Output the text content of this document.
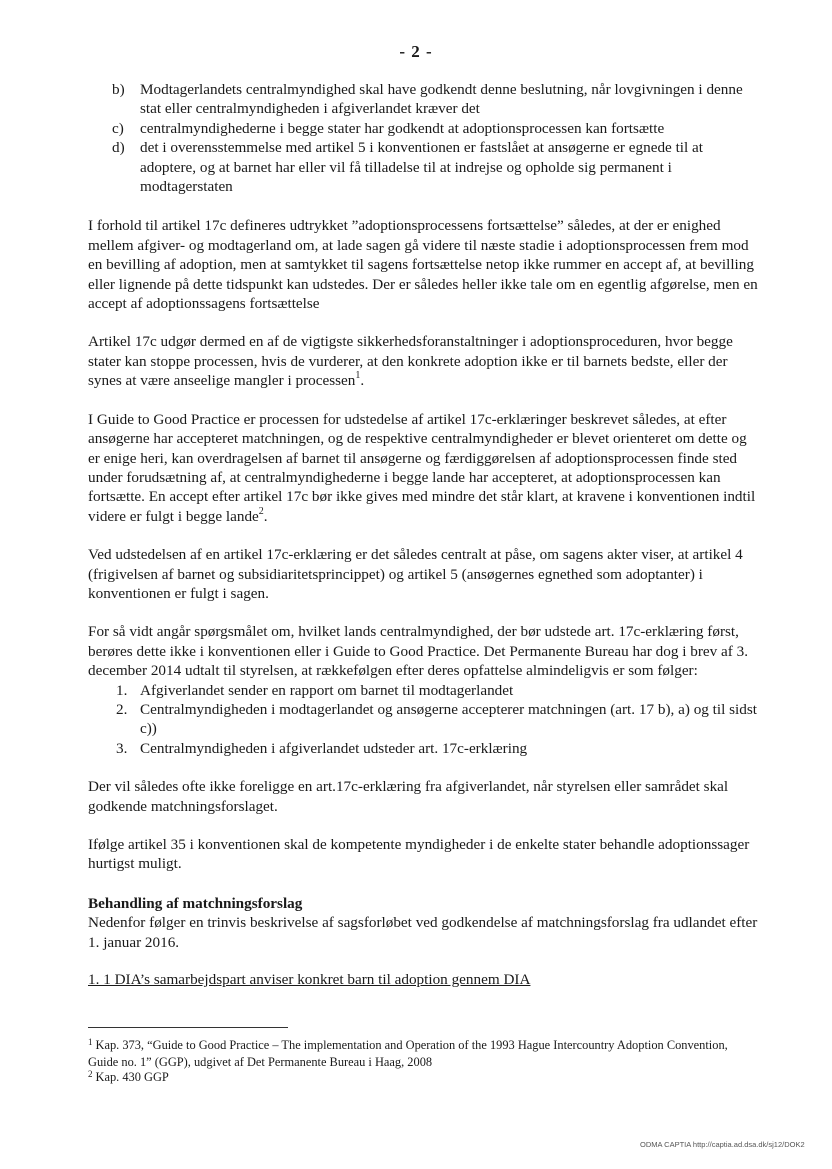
- 2 -
b) Modtagerlandets centralmyndighed skal have godkendt denne beslutning, når lovgivningen i denne stat eller centralmyndigheden i afgiverlandet kræver det
c) centralmyndighederne i begge stater har godkendt at adoptionsprocessen kan fortsætte
d) det i overensstemmelse med artikel 5 i konventionen er fastslået at ansøgerne er egnede til at adoptere, og at barnet har eller vil få tilladelse til at indrejse og opholde sig permanent i modtagerstaten

I forhold til artikel 17c defineres udtrykket ”adoptionsprocessens fortsættelse” således, at der er enighed mellem afgiver- og modtagerland om, at lade sagen gå videre til næste stadie i adoptionsprocessen frem mod en bevilling af adoption, men at samtykket til sagens fortsættelse netop ikke rummer en accept af, at bevilling eller lignende på dette tidspunkt kan udstedes. Der er således heller ikke tale om en egentlig afgørelse, men en accept af adoptionssagens fortsættelse

Artikel 17c udgør dermed en af de vigtigste sikkerhedsforanstaltninger i adoptionsproceduren, hvor begge stater kan stoppe processen, hvis de vurderer, at den konkrete adoption ikke er til barnets bedste, eller der synes at være anseelige mangler i processen$^1$.

I Guide to Good Practice er processen for udstedelse af artikel 17c-erklæringer beskrevet således, at efter ansøgerne har accepteret matchningen, og de respektive centralmyndigheder er blevet orienteret om dette og er enige heri, kan overdragelsen af barnet til ansøgerne og færdiggørelsen af adoptionsprocessen finde sted under forudsætning af, at centralmyndighederne i begge lande har accepteret, at adoptionsprocessen kan fortsætte. En accept efter artikel 17c bør ikke gives med mindre det står klart, at kravene i konventionen indtil videre er fulgt i begge lande$^2$.

Ved udstedelsen af en artikel 17c-erklæring er det således centralt at påse, om sagens akter viser, at artikel 4 (frigivelsen af barnet og subsidiaritetsprincippet) og artikel 5 (ansøgernes egnethed som adoptanter) i konventionen er fulgt i sagen.

For så vidt angår spørgsmålet om, hvilket lands centralmyndighed, der bør udstede art. 17c-erklæring først, berøres dette ikke i konventionen eller i Guide to Good Practice. Det Permanente Bureau har dog i brev af 3. december 2014 udtalt til styrelsen, at rækkefølgen efter deres opfattelse almindeligvis er som følger:

1. Afgiverlandet sender en rapport om barnet til modtagerlandet
2. Centralmyndigheden i modtagerlandet og ansøgerne accepterer matchningen (art. 17 b), a) og til sidst c))
3. Centralmyndigheden i afgiverlandet udsteder art. 17c-erklæring

Der vil således ofte ikke foreligge en art.17c-erklæring fra afgiverlandet, når styrelsen eller samrådet skal godkende matchningsforslaget.

Ifølge artikel 35 i konventionen skal de kompetente myndigheder i de enkelte stater behandle adoptionssager hurtigst muligt.

Behandling af matchningsforslag

Nedenfor følger en trinvis beskrivelse af sagsforløbet ved godkendelse af matchningsforslag fra udlandet efter 1. januar 2016.

1. 1 DIA’s samarbejdspart anviser konkret barn til adoption gennem DIA

$^1$ Kap. 373, “Guide to Good Practice – The implementation and Operation of the 1993 Hague Intercountry Adoption Convention, Guide no. 1” (GGP), udgivet af Det Permanente Bureau i Haag, 2008
$^2$ Kap. 430 GGP
ODMA CAPTIA http://captia.ad.dsa.dk/sj12/DOK2
